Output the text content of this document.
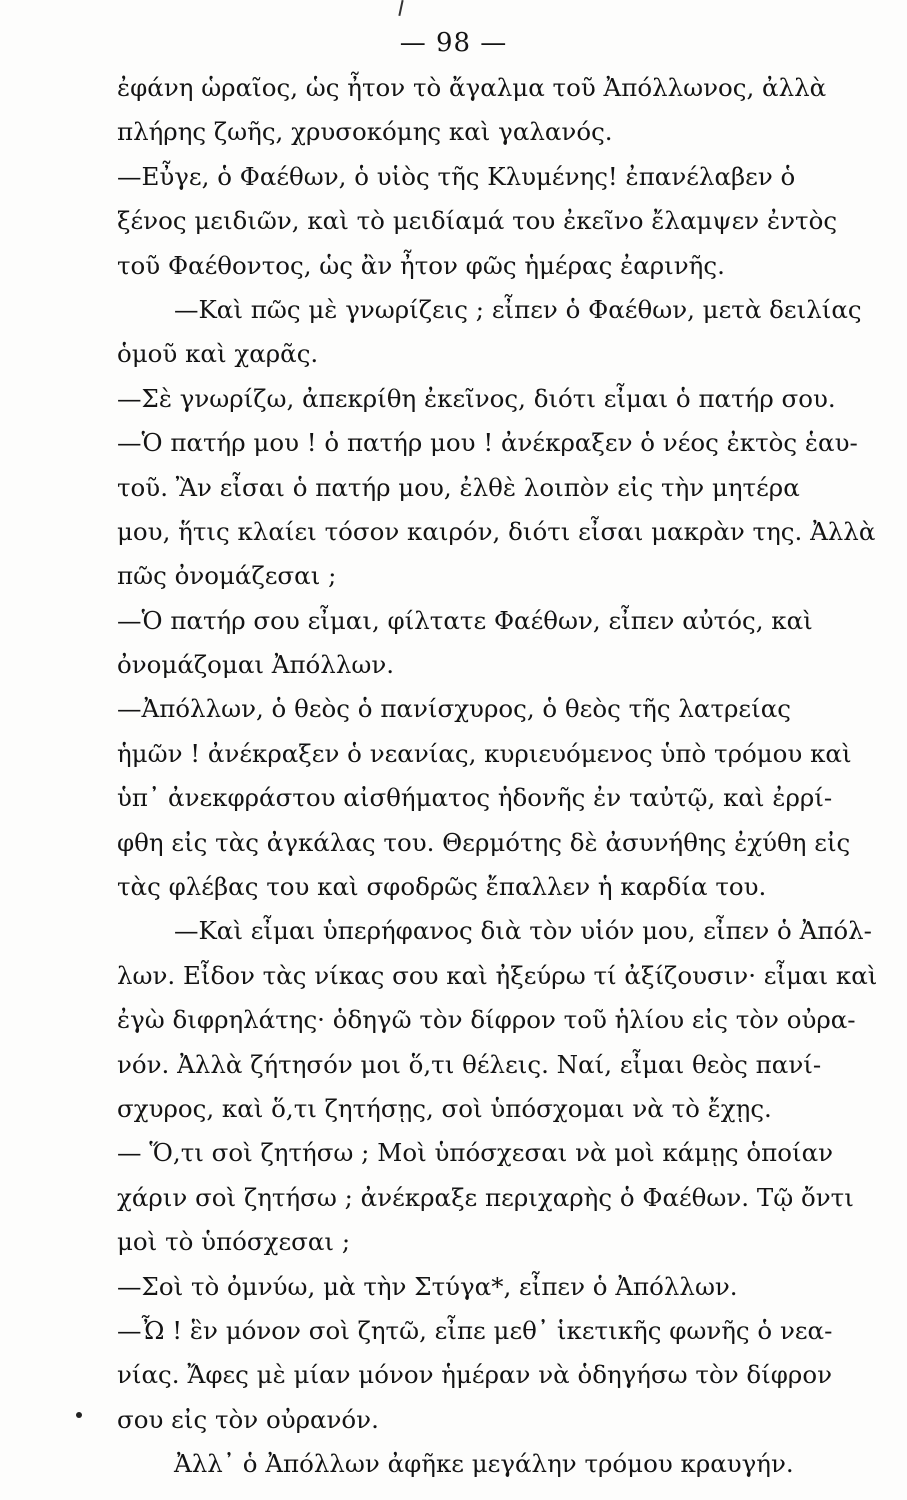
— 98 —
ἐφάνη ὡραῖος, ὡς ἦτον τὸ ἄγαλμα τοῦ Ἀπόλλωνος, ἀλλὰ
πλήρης ζωῆς, χρυσοκόμης καὶ γαλανός.
—Εὖγε, ὁ Φαέθων, ὁ υἱὸς τῆς Κλυμένης! ἐπανέλαβεν ὁ
ξένος μειδιῶν, καὶ τὸ μειδίαμά του ἐκεῖνο ἔλαμψεν ἐντὸς
τοῦ Φαέθοντος, ὡς ἂν ἦτον φῶς ἡμέρας ἐαρινῆς.
—Καὶ πῶς μὲ γνωρίζεις ; εἶπεν ὁ Φαέθων, μετὰ δειλίας
ὁμοῦ καὶ χαρᾶς.
—Σὲ γνωρίζω, ἀπεκρίθη ἐκεῖνος, διότι εἶμαι ὁ πατήρ σου.
—Ὁ πατήρ μου ! ὁ πατήρ μου ! ἀνέκραξεν ὁ νέος ἐκτὸς ἑαυ-
τοῦ. Ἂν εἶσαι ὁ πατήρ μου, ἐλθὲ λοιπὸν εἰς τὴν μητέρα
μου, ἥτις κλαίει τόσον καιρόν, διότι εἶσαι μακρὰν της. Ἀλλὰ
πῶς ὀνομάζεσαι ;
—Ὁ πατήρ σου εἶμαι, φίλτατε Φαέθων, εἶπεν αὐτός, καὶ
ὀνομάζομαι Ἀπόλλων.
—Ἀπόλλων, ὁ θεὸς ὁ πανίσχυρος, ὁ θεὸς τῆς λατρείας
ἡμῶν ! ἀνέκραξεν ὁ νεανίας, κυριευόμενος ὑπὸ τρόμου καὶ
ὑπ᾿ ἀνεκφράστου αἰσθήματος ἡδονῆς ἐν ταὐτῷ, καὶ ἐρρί-
φθη εἰς τὰς ἀγκάλας του. Θερμότης δὲ ἀσυνήθης ἐχύθη εἰς
τὰς φλέβας του καὶ σφοδρῶς ἔπαλλεν ἡ καρδία του.
—Καὶ εἶμαι ὑπερήφανος διὰ τὸν υἱόν μου, εἶπεν ὁ Ἀπόλ-
λων. Εἶδον τὰς νίκας σου καὶ ἠξεύρω τί ἀξίζουσιν· εἶμαι καὶ
ἐγὼ διφρηλάτης· ὁδηγῶ τὸν δίφρον τοῦ ἡλίου εἰς τὸν οὐρα-
νόν. Ἀλλὰ ζήτησόν μοι ὅ,τι θέλεις. Ναί, εἶμαι θεὸς πανί-
σχυρος, καὶ ὅ,τι ζητήσῃς, σοὶ ὑπόσχομαι νὰ τὸ ἔχῃς.
— Ὅ,τι σοὶ ζητήσω ; Μοὶ ὑπόσχεσαι νὰ μοὶ κάμῃς ὁποίαν
χάριν σοὶ ζητήσω ; ἀνέκραξε περιχαρὴς ὁ Φαέθων. Τῷ ὄντι
μοὶ τὸ ὑπόσχεσαι ;
—Σοὶ τὸ ὀμνύω, μὰ τὴν Στύγα*, εἶπεν ὁ Ἀπόλλων.
—Ὦ ! ἓν μόνον σοὶ ζητῶ, εἶπε μεθ᾿ ἱκετικῆς φωνῆς ὁ νεα-
νίας. Ἄφες μὲ μίαν μόνον ἡμέραν νὰ ὁδηγήσω τὸν δίφρον
σου εἰς τὸν οὐρανόν.
Ἀλλ᾿ ὁ Ἀπόλλων ἀφῆκε μεγάλην τρόμου κραυγήν.
